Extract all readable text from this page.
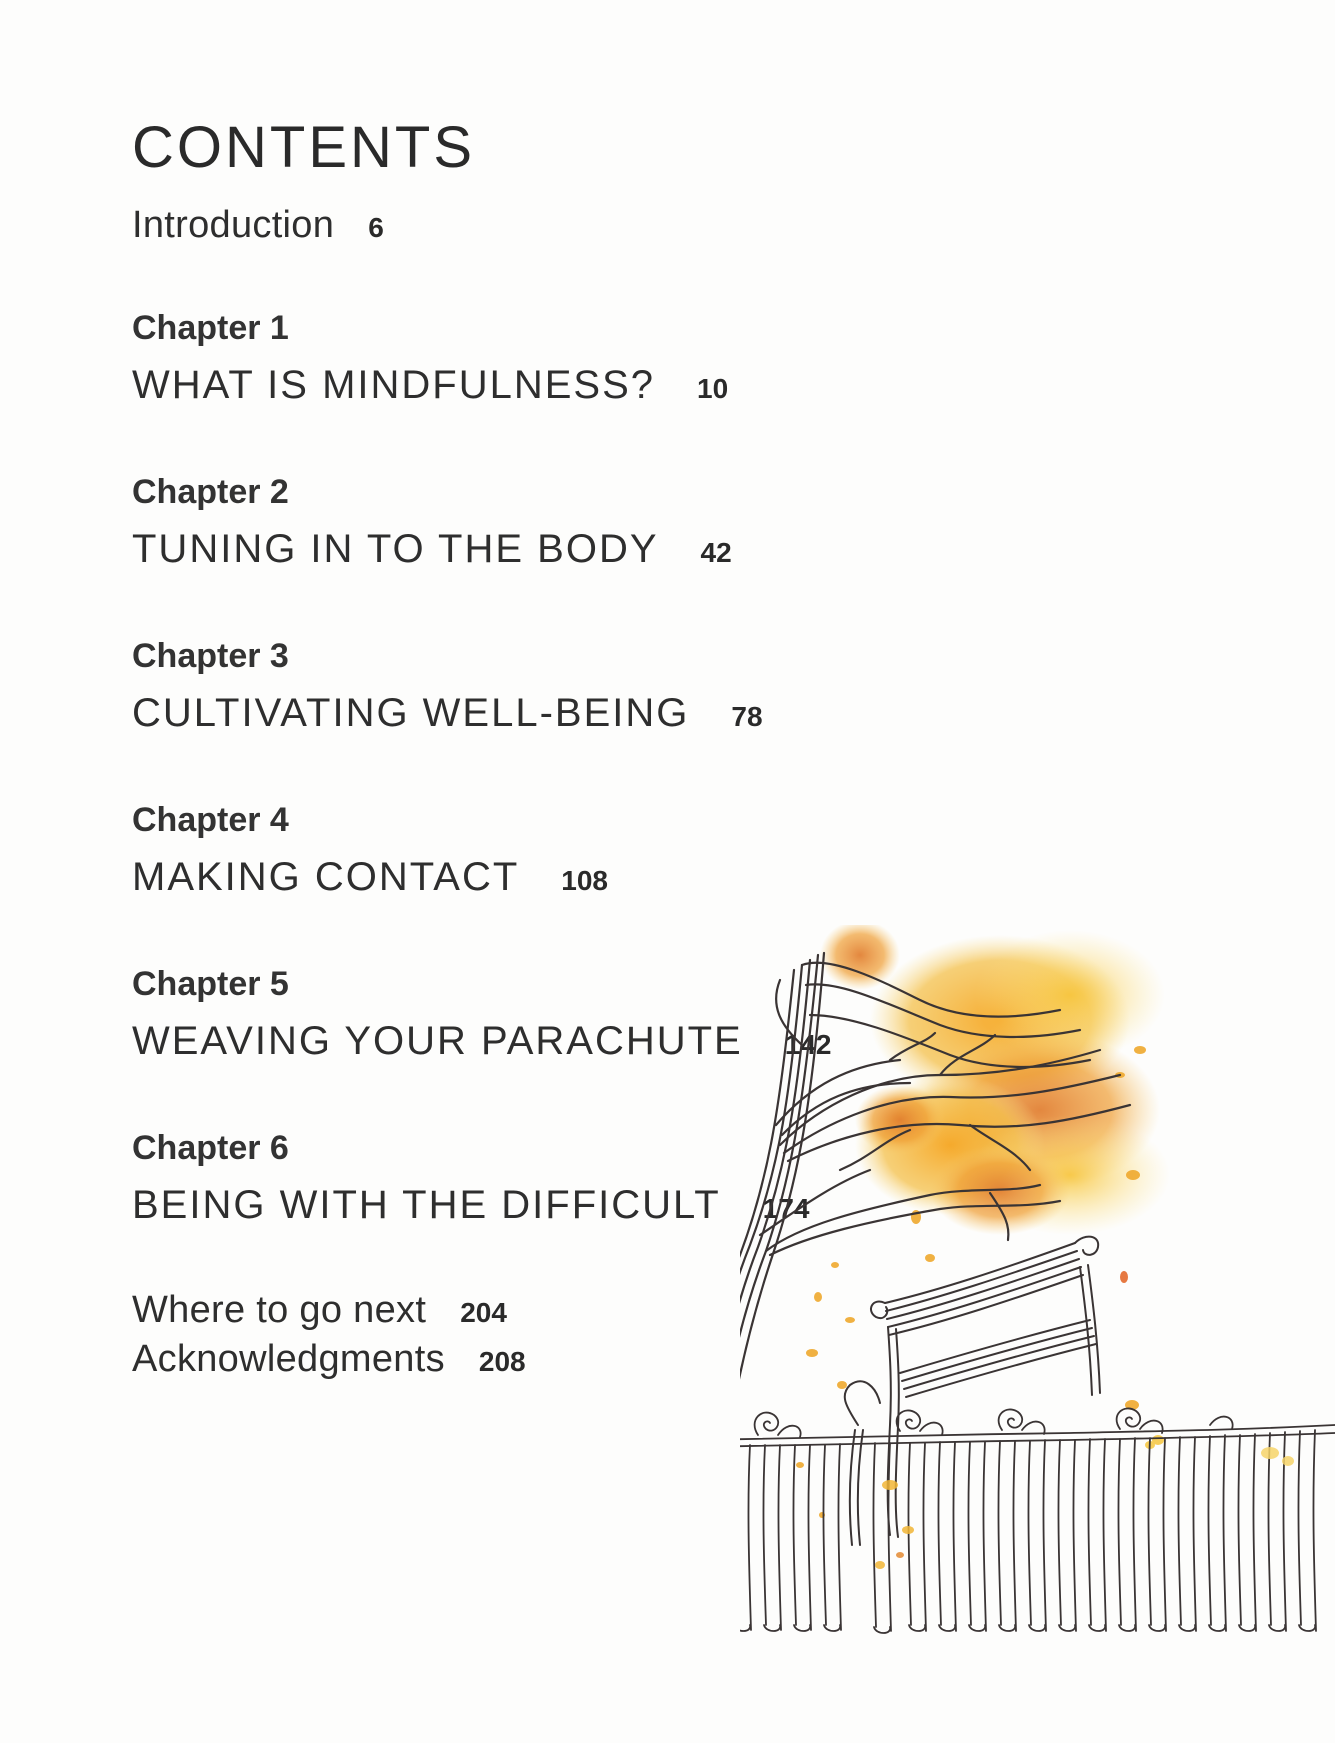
CONTENTS
Introduction 6
Chapter 1
WHAT IS MINDFULNESS? 10
Chapter 2
TUNING IN TO THE BODY 42
Chapter 3
CULTIVATING WELL-BEING 78
Chapter 4
MAKING CONTACT 108
Chapter 5
WEAVING YOUR PARACHUTE 142
Chapter 6
BEING WITH THE DIFFICULT 174
Where to go next 204
Acknowledgments 208
